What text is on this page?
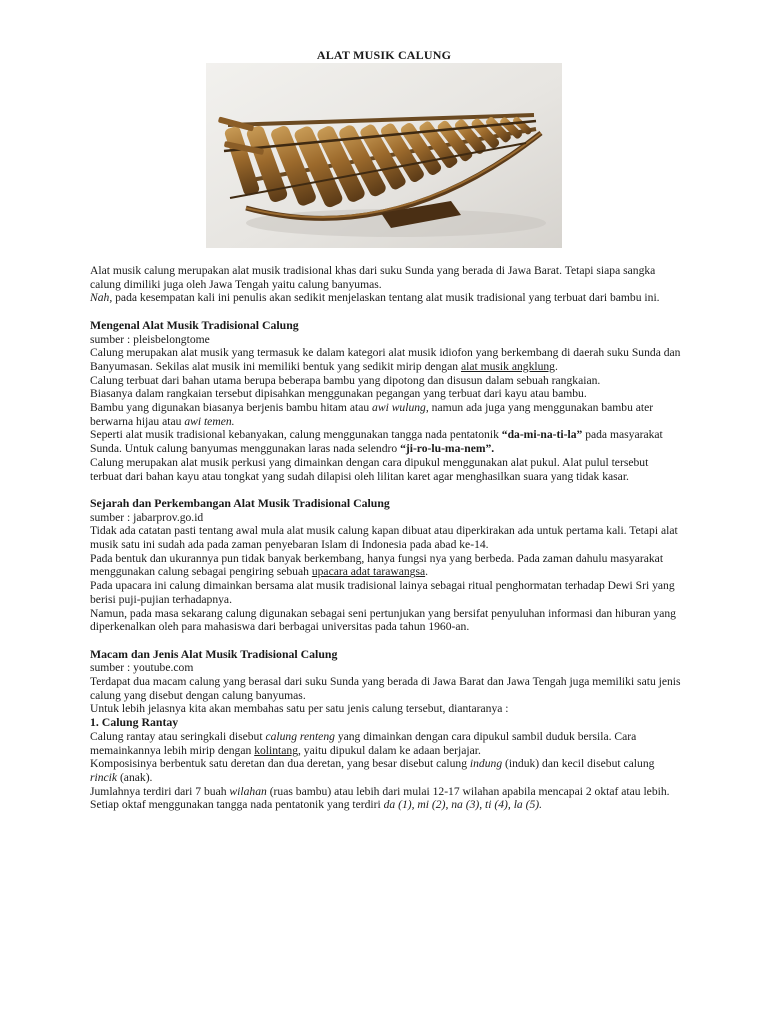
ALAT MUSIK CALUNG

Alat musik calung merupakan alat musik tradisional khas dari suku Sunda yang berada di Jawa Barat. Tetapi siapa sangka calung dimiliki juga oleh Jawa Tengah yaitu calung banyumas.
Nah, pada kesempatan kali ini penulis akan sedikit menjelaskan tentang alat musik tradisional yang terbuat dari bambu ini.

Mengenal Alat Musik Tradisional Calung

sumber : pleisbelongtome

Calung merupakan alat musik yang termasuk ke dalam kategori alat musik idiofon yang berkembang di daerah suku Sunda dan Banyumasan. Sekilas alat musik ini memiliki bentuk yang sedikit mirip dengan alat musik angklung.

Calung terbuat dari bahan utama berupa beberapa bambu yang dipotong dan disusun dalam sebuah rangkaian.

Biasanya dalam rangkaian tersebut dipisahkan menggunakan pegangan yang terbuat dari kayu atau bambu.

Bambu yang digunakan biasanya berjenis bambu hitam atau awi wulung, namun ada juga yang menggunakan bambu ater berwarna hijau atau awi temen.

Seperti alat musik tradisional kebanyakan, calung menggunakan tangga nada pentatonik “da-mi-na-ti-la” pada masyarakat Sunda. Untuk calung banyumas menggunakan laras nada selendro “ji-ro-lu-ma-nem”.

Calung merupakan alat musik perkusi yang dimainkan dengan cara dipukul menggunakan alat pukul. Alat pulul tersebut terbuat dari bahan kayu atau tongkat yang sudah dilapisi oleh lilitan karet agar menghasilkan suara yang tidak kasar.

Sejarah dan Perkembangan Alat Musik Tradisional Calung

sumber : jabarprov.go.id

Tidak ada catatan pasti tentang awal mula alat musik calung kapan dibuat atau diperkirakan ada untuk pertama kali. Tetapi alat musik satu ini sudah ada pada zaman penyebaran Islam di Indonesia pada abad ke-14.

Pada bentuk dan ukurannya pun tidak banyak berkembang, hanya fungsi nya yang berbeda. Pada zaman dahulu masyarakat menggunakan calung sebagai pengiring sebuah upacara adat tarawangsa.

Pada upacara ini calung dimainkan bersama alat musik tradisional lainya sebagai ritual penghormatan terhadap Dewi Sri yang berisi puji-pujian terhadapnya.

Namun, pada masa sekarang calung digunakan sebagai seni pertunjukan yang bersifat penyuluhan informasi dan hiburan yang diperkenalkan oleh para mahasiswa dari berbagai universitas pada tahun 1960-an.

Macam dan Jenis Alat Musik Tradisional Calung

sumber : youtube.com

Terdapat dua macam calung yang berasal dari suku Sunda yang berada di Jawa Barat dan Jawa Tengah juga memiliki satu jenis calung yang disebut dengan calung banyumas.

Untuk lebih jelasnya kita akan membahas satu per satu jenis calung tersebut, diantaranya :

1. Calung Rantay

Calung rantay atau seringkali disebut calung renteng yang dimainkan dengan cara dipukul sambil duduk bersila. Cara memainkannya lebih mirip dengan kolintang, yaitu dipukul dalam ke adaan berjajar.

Komposisinya berbentuk satu deretan dan dua deretan, yang besar disebut calung indung (induk) dan kecil disebut calung rincik (anak).

Jumlahnya terdiri dari 7 buah wilahan (ruas bambu) atau lebih dari mulai 12-17 wilahan apabila mencapai 2 oktaf atau lebih. Setiap oktaf menggunakan tangga nada pentatonik yang terdiri da (1), mi (2), na (3), ti (4), la (5).
